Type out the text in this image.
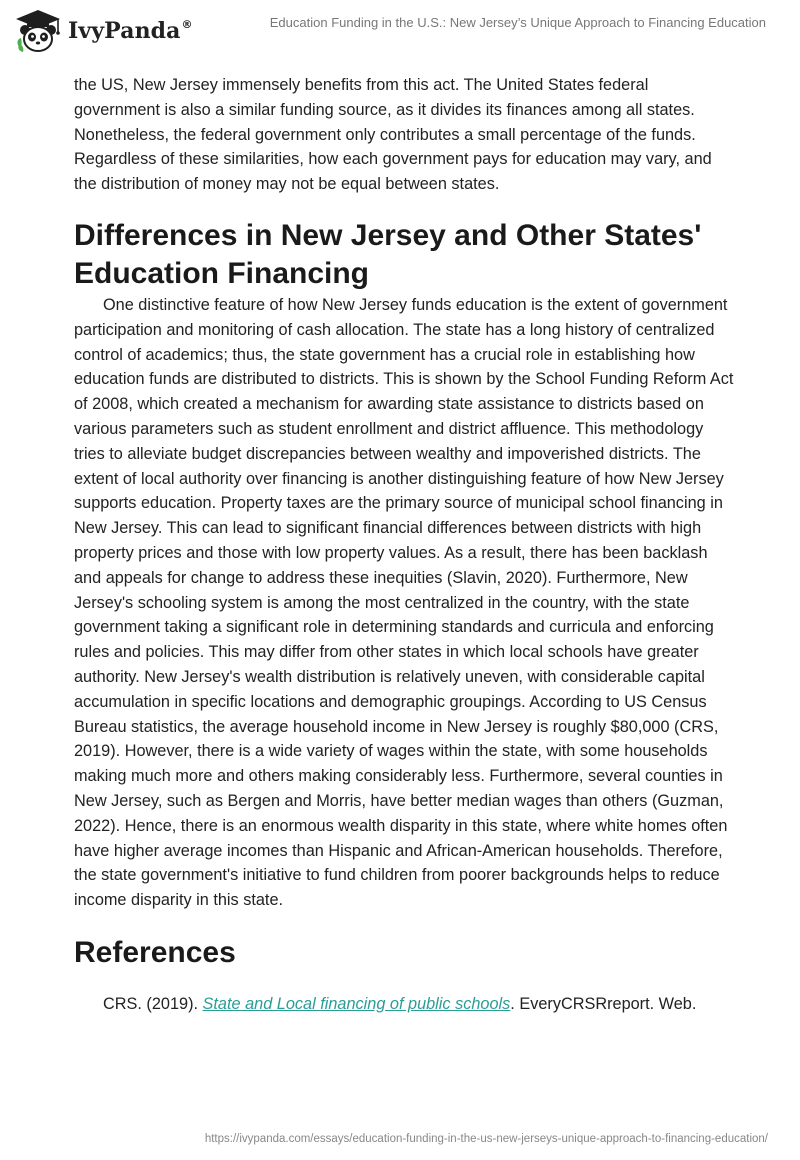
IvyPanda®	Education Funding in the U.S.: New Jersey’s Unique Approach to Financing Education

the US, New Jersey immensely benefits from this act. The United States federal government is also a similar funding source, as it divides its finances among all states. Nonetheless, the federal government only contributes a small percentage of the funds. Regardless of these similarities, how each government pays for education may vary, and the distribution of money may not be equal between states.

Differences in New Jersey and Other States' Education Financing

One distinctive feature of how New Jersey funds education is the extent of government participation and monitoring of cash allocation. The state has a long history of centralized control of academics; thus, the state government has a crucial role in establishing how education funds are distributed to districts. This is shown by the School Funding Reform Act of 2008, which created a mechanism for awarding state assistance to districts based on various parameters such as student enrollment and district affluence. This methodology tries to alleviate budget discrepancies between wealthy and impoverished districts. The extent of local authority over financing is another distinguishing feature of how New Jersey supports education. Property taxes are the primary source of municipal school financing in New Jersey. This can lead to significant financial differences between districts with high property prices and those with low property values. As a result, there has been backlash and appeals for change to address these inequities (Slavin, 2020). Furthermore, New Jersey's schooling system is among the most centralized in the country, with the state government taking a significant role in determining standards and curricula and enforcing rules and policies. This may differ from other states in which local schools have greater authority. New Jersey's wealth distribution is relatively uneven, with considerable capital accumulation in specific locations and demographic groupings. According to US Census Bureau statistics, the average household income in New Jersey is roughly $80,000 (CRS, 2019). However, there is a wide variety of wages within the state, with some households making much more and others making considerably less. Furthermore, several counties in New Jersey, such as Bergen and Morris, have better median wages than others (Guzman, 2022). Hence, there is an enormous wealth disparity in this state, where white homes often have higher average incomes than Hispanic and African-American households. Therefore, the state government's initiative to fund children from poorer backgrounds helps to reduce income disparity in this state.

References
CRS. (2019). State and Local financing of public schools. EveryCRSRreport. Web.
https://ivypanda.com/essays/education-funding-in-the-us-new-jerseys-unique-approach-to-financing-education/
